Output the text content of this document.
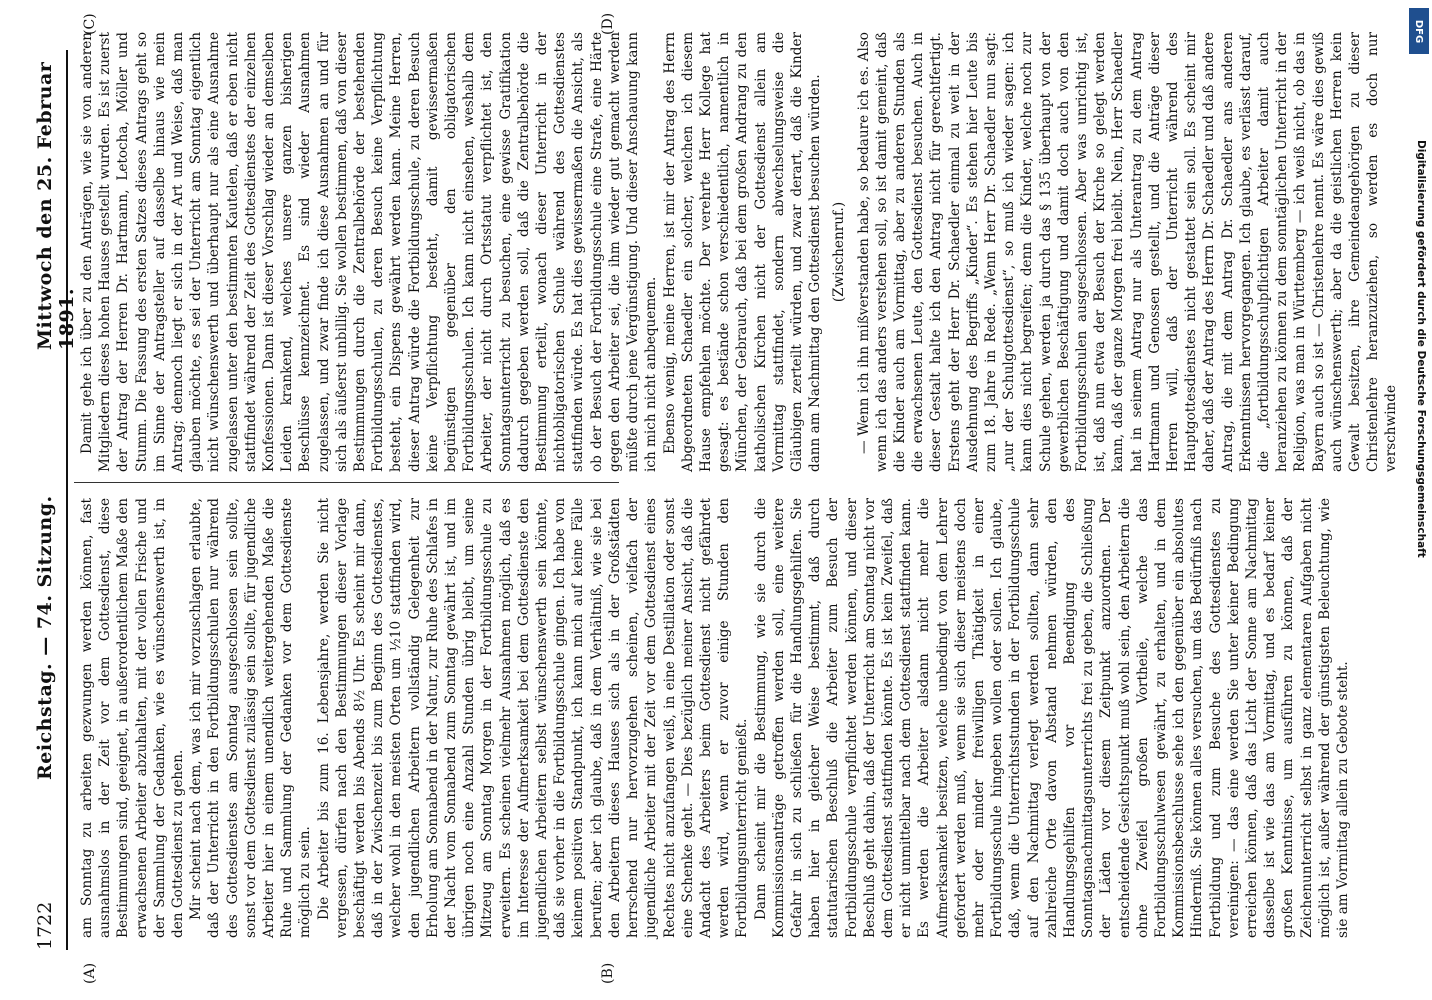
1722
Reichstag. — 74. Sitzung.
Mittwoch den 25. Februar 1891.
(A)	(B)
(C)	(D)

am Sonntag zu arbeiten gezwungen werden können, fast ausnahmslos in der Zeit vor dem Gottesdienst, diese Bestimmungen sind, geeignet, in außerordentlichem Maße den erwachsenen Arbeiter abzuhalten, mit der vollen Frische und der Sammlung der Gedanken, wie es wünschenswerth ist, in den Gottesdienst zu gehen. Mir scheint nach dem, was ich mir vorzuschlagen erlaubte, daß der Unterricht in den Fortbildungsschulen nur während des Gottesdienstes am Sonntag ausgeschlossen sein sollte, sonst vor dem Gottesdienst zulässig sein sollte, für jugendliche Arbeiter hier in einem unendlich weitergehenden Maße die Ruhe und Sammlung der Gedanken vor dem Gottesdienste möglich zu sein. Die Arbeiter bis zum 16. Lebensjahre, werden Sie nicht vergessen, dürfen nach den Bestimmungen dieser Vorlage beschäftigt werden bis Abends 8½ Uhr. Es scheint mir dann, daß in der Zwischenzeit bis zum Beginn des Gottesdienstes, welcher wohl in den meisten Orten um ½10 stattfinden wird, den jugendlichen Arbeitern vollständig Gelegenheit zur Erholung am Sonnabend in der Natur, zur Ruhe des Schlafes in der Nacht vom Sonnabend zum Sonntag gewährt ist, und im übrigen noch eine Anzahl Stunden übrig bleibt, um seine Mitzeug am Sonntag Morgen in der Fortbildungsschule zu erweitern. Es scheinen vielmehr Ausnahmen möglich, daß es im Interesse der Aufmerksamkeit bei dem Gottesdienste den jugendlichen Arbeitern selbst wünschenswerth sein könnte, daß sie vorher in die Fortbildungsschule gingen. Ich habe von keinem positiven Standpunkt, ich kann mich auf keine Fälle berufen; aber ich glaube, daß in dem Verhältniß, wie sie bei den Arbeitern dieses Hauses sich als in der Großstädten herrschend nur hervorzugehen scheinen, vielfach der jugendliche Arbeiter mit der Zeit vor dem Gottesdienst eines Rechtes nicht anzufangen weiß, in eine Destillation oder sonst eine Schenke geht. — Dies bezüglich meiner Ansicht, daß die Andacht des Arbeiters beim Gottesdienst nicht gefährdet werden wird, wenn er zuvor einige Stunden den Fortbildungsunterricht genießt. Dann scheint mir die Bestimmung, wie sie durch die Kommissionsanträge getroffen werden soll, eine weitere Gefahr in sich zu schließen für die Handlungsgehilfen. Sie haben hier in gleicher Weise bestimmt, daß durch statutarischen Beschluß die Arbeiter zum Besuch der Fortbildungsschule verpflichtet werden können, und dieser Beschluß geht dahin, daß der Unterricht am Sonntag nicht vor dem Gottesdienst stattfinden könnte. Es ist kein Zweifel, daß er nicht unmittelbar nach dem Gottesdienst stattfinden kann. Es werden die Arbeiter alsdann nicht mehr die Aufmerksamkeit besitzen, welche unbedingt von dem Lehrer gefordert werden muß, wenn sie sich dieser meistens doch mehr oder minder freiwilligen Thätigkeit in einer Fortbildungsschule hingeben wollen oder sollen. Ich glaube, daß, wenn die Unterrichtsstunden in der Fortbildungsschule auf den Nachmittag verlegt werden sollten, dann sehr zahlreiche Orte davon Abstand nehmen würden, den Handlungsgehilfen vor Beendigung des Sonntagsnachmittagsunterrichts frei zu geben, die Schließung der Läden vor diesem Zeitpunkt anzuordnen. Der entscheidende Gesichtspunkt muß wohl sein, den Arbeitern die ohne Zweifel großen Vortheile, welche das Fortbildungsschulwesen gewährt, zu erhalten, und in dem Kommissionsbeschlusse sehe ich den gegenüber ein absolutes Hinderniß. Sie können alles versuchen, um das Bedürfniß nach Fortbildung und zum Besuche des Gottesdienstes zu vereinigen: — das eine werden Sie unter keiner Bedingung erreichen können, daß das Licht der Sonne am Nachmittag dasselbe ist wie das am Vormittag, und es bedarf keiner großen Kenntnisse, um ausführen zu können, daß der Zeichenunterricht selbst in ganz elementaren Aufgaben nicht möglich ist, außer während der günstigsten Beleuchtung, wie sie am Vormittag allein zu Gebote steht.

Damit gehe ich über zu den Anträgen, wie sie von anderen Mitgliedern dieses hohen Hauses gestellt wurden. Es ist zuerst der Antrag der Herren Dr. Hartmann, Letocha, Möller und Stumm. Die Fassung des ersten Satzes dieses Antrags geht so im Sinne der Antragsteller auf dasselbe hinaus wie mein Antrag; dennoch liegt er sich in der Art und Weise, daß man glauben möchte, es sei der Unterricht am Sonntag eigentlich nicht wünschenswerth und überhaupt nur als eine Ausnahme zugelassen unter den bestimmten Kautelen, daß er eben nicht stattfindet während der Zeit des Gottesdienstes der einzelnen Konfessionen. Dann ist dieser Vorschlag wieder an demselben Leiden krankend, welches unsere ganzen bisherigen Beschlüsse kennzeichnet. Es sind wieder Ausnahmen zugelassen, und zwar finde ich diese Ausnahmen an und für sich als äußerst unbillig. Sie wollen bestimmen, daß von dieser Bestimmungen durch die Zentralbehörde der bestehenden Fortbildungsschulen, zu deren Besuch keine Verpflichtung besteht, ein Dispens gewährt werden kann. Meine Herren, dieser Antrag würde die Fortbildungsschule, zu deren Besuch keine Verpflichtung besteht, damit gewissermaßen begünstigen gegenüber den obligatorischen Fortbildungsschulen. Ich kann nicht einsehen, weshalb dem Arbeiter, der nicht durch Ortsstatut verpflichtet ist, den Sonntagsunterricht zu besuchen, eine gewisse Gratifikation dadurch gegeben werden soll, daß die Zentralbehörde die Bestimmung erteilt, wonach dieser Unterricht in der nichtobligatorischen Schule während des Gottesdienstes stattfinden würde. Es hat dies gewissermaßen die Ansicht, als ob der Besuch der Fortbildungsschule eine Strafe, eine Härte gegen den Arbeiter sei, die ihm wieder gut gemacht werden müßte durch jene Vergünstigung. Und dieser Anschauung kann ich mich nicht anbequemen. Ebenso wenig, meine Herren, ist mir der Antrag des Herrn Abgeordneten Schaedler ein solcher, welchen ich diesem Hause empfehlen möchte. Der verehrte Herr Kollege hat gesagt: es bestände schon verschiedentlich, namentlich in München, der Gebrauch, daß bei dem großen Andrang zu den katholischen Kirchen nicht der Gottesdienst allein am Vormittag stattfindet, sondern abwechselungsweise die Gläubigen zerteilt würden, und zwar derart, daß die Kinder dann am Nachmittag den Gottesdienst besuchen würden. (Zwischenruf.) — Wenn ich ihn mißverstanden habe, so bedaure ich es. Also wenn ich das anders verstehen soll, so ist damit gemeint, daß die Kinder auch am Vormittag, aber zu anderen Stunden als die erwachsenen Leute, den Gottesdienst besuchen. Auch in dieser Gestalt halte ich den Antrag nicht für gerechtfertigt. Erstens geht der Herr Dr. Schaedler einmal zu weit in der Ausdehnung des Begriffs „Kinder“. Es stehen hier Leute bis zum 18. Jahre in Rede. „Wenn Herr Dr. Schaedler nun sagt: „nur der Schulgottesdienst“, so muß ich wieder sagen: ich kann dies nicht begreifen; denn die Kinder, welche noch zur Schule gehen, werden ja durch das § 135 überhaupt von der gewerblichen Beschäftigung und damit doch auch von den Fortbildungsschulen ausgeschlossen. Aber was unrichtig ist, ist, daß nun etwa der Besuch der Kirche so gelegt werden kann, daß der ganze Morgen frei bleibt. Nein, Herr Schaedler hat in seinem Antrag nur als Unterantrag zu dem Antrag Hartmann und Genossen gestellt, und die Anträge dieser Herren will, daß der Unterricht während des Hauptgottesdienstes nicht gestattet sein soll. Es scheint mir daher, daß der Antrag des Herrn Dr. Schaedler und daß andere Antrag, die mit dem Antrag Dr. Schaedler ans anderen Erkenntnissen hervorgegangen. Ich glaube, es verlässt darauf, die „fortbildungsschulpflichtigen Arbeiter damit auch heranziehen zu können zu dem sonntäglichen Unterricht in der Religion, was man in Württemberg — ich weiß nicht, ob das in Bayern auch so ist — Christenlehre nennt. Es wäre dies gewiß auch wünschenswerth; aber da die geistlichen Herren kein Gewalt besitzen, ihre Gemeindeangehörigen zu dieser Christenlehre heranzuziehen, so werden es doch nur verschwinde

DFG
Digitalisierung gefördert durch die Deutsche Forschungsgemeinschaft
